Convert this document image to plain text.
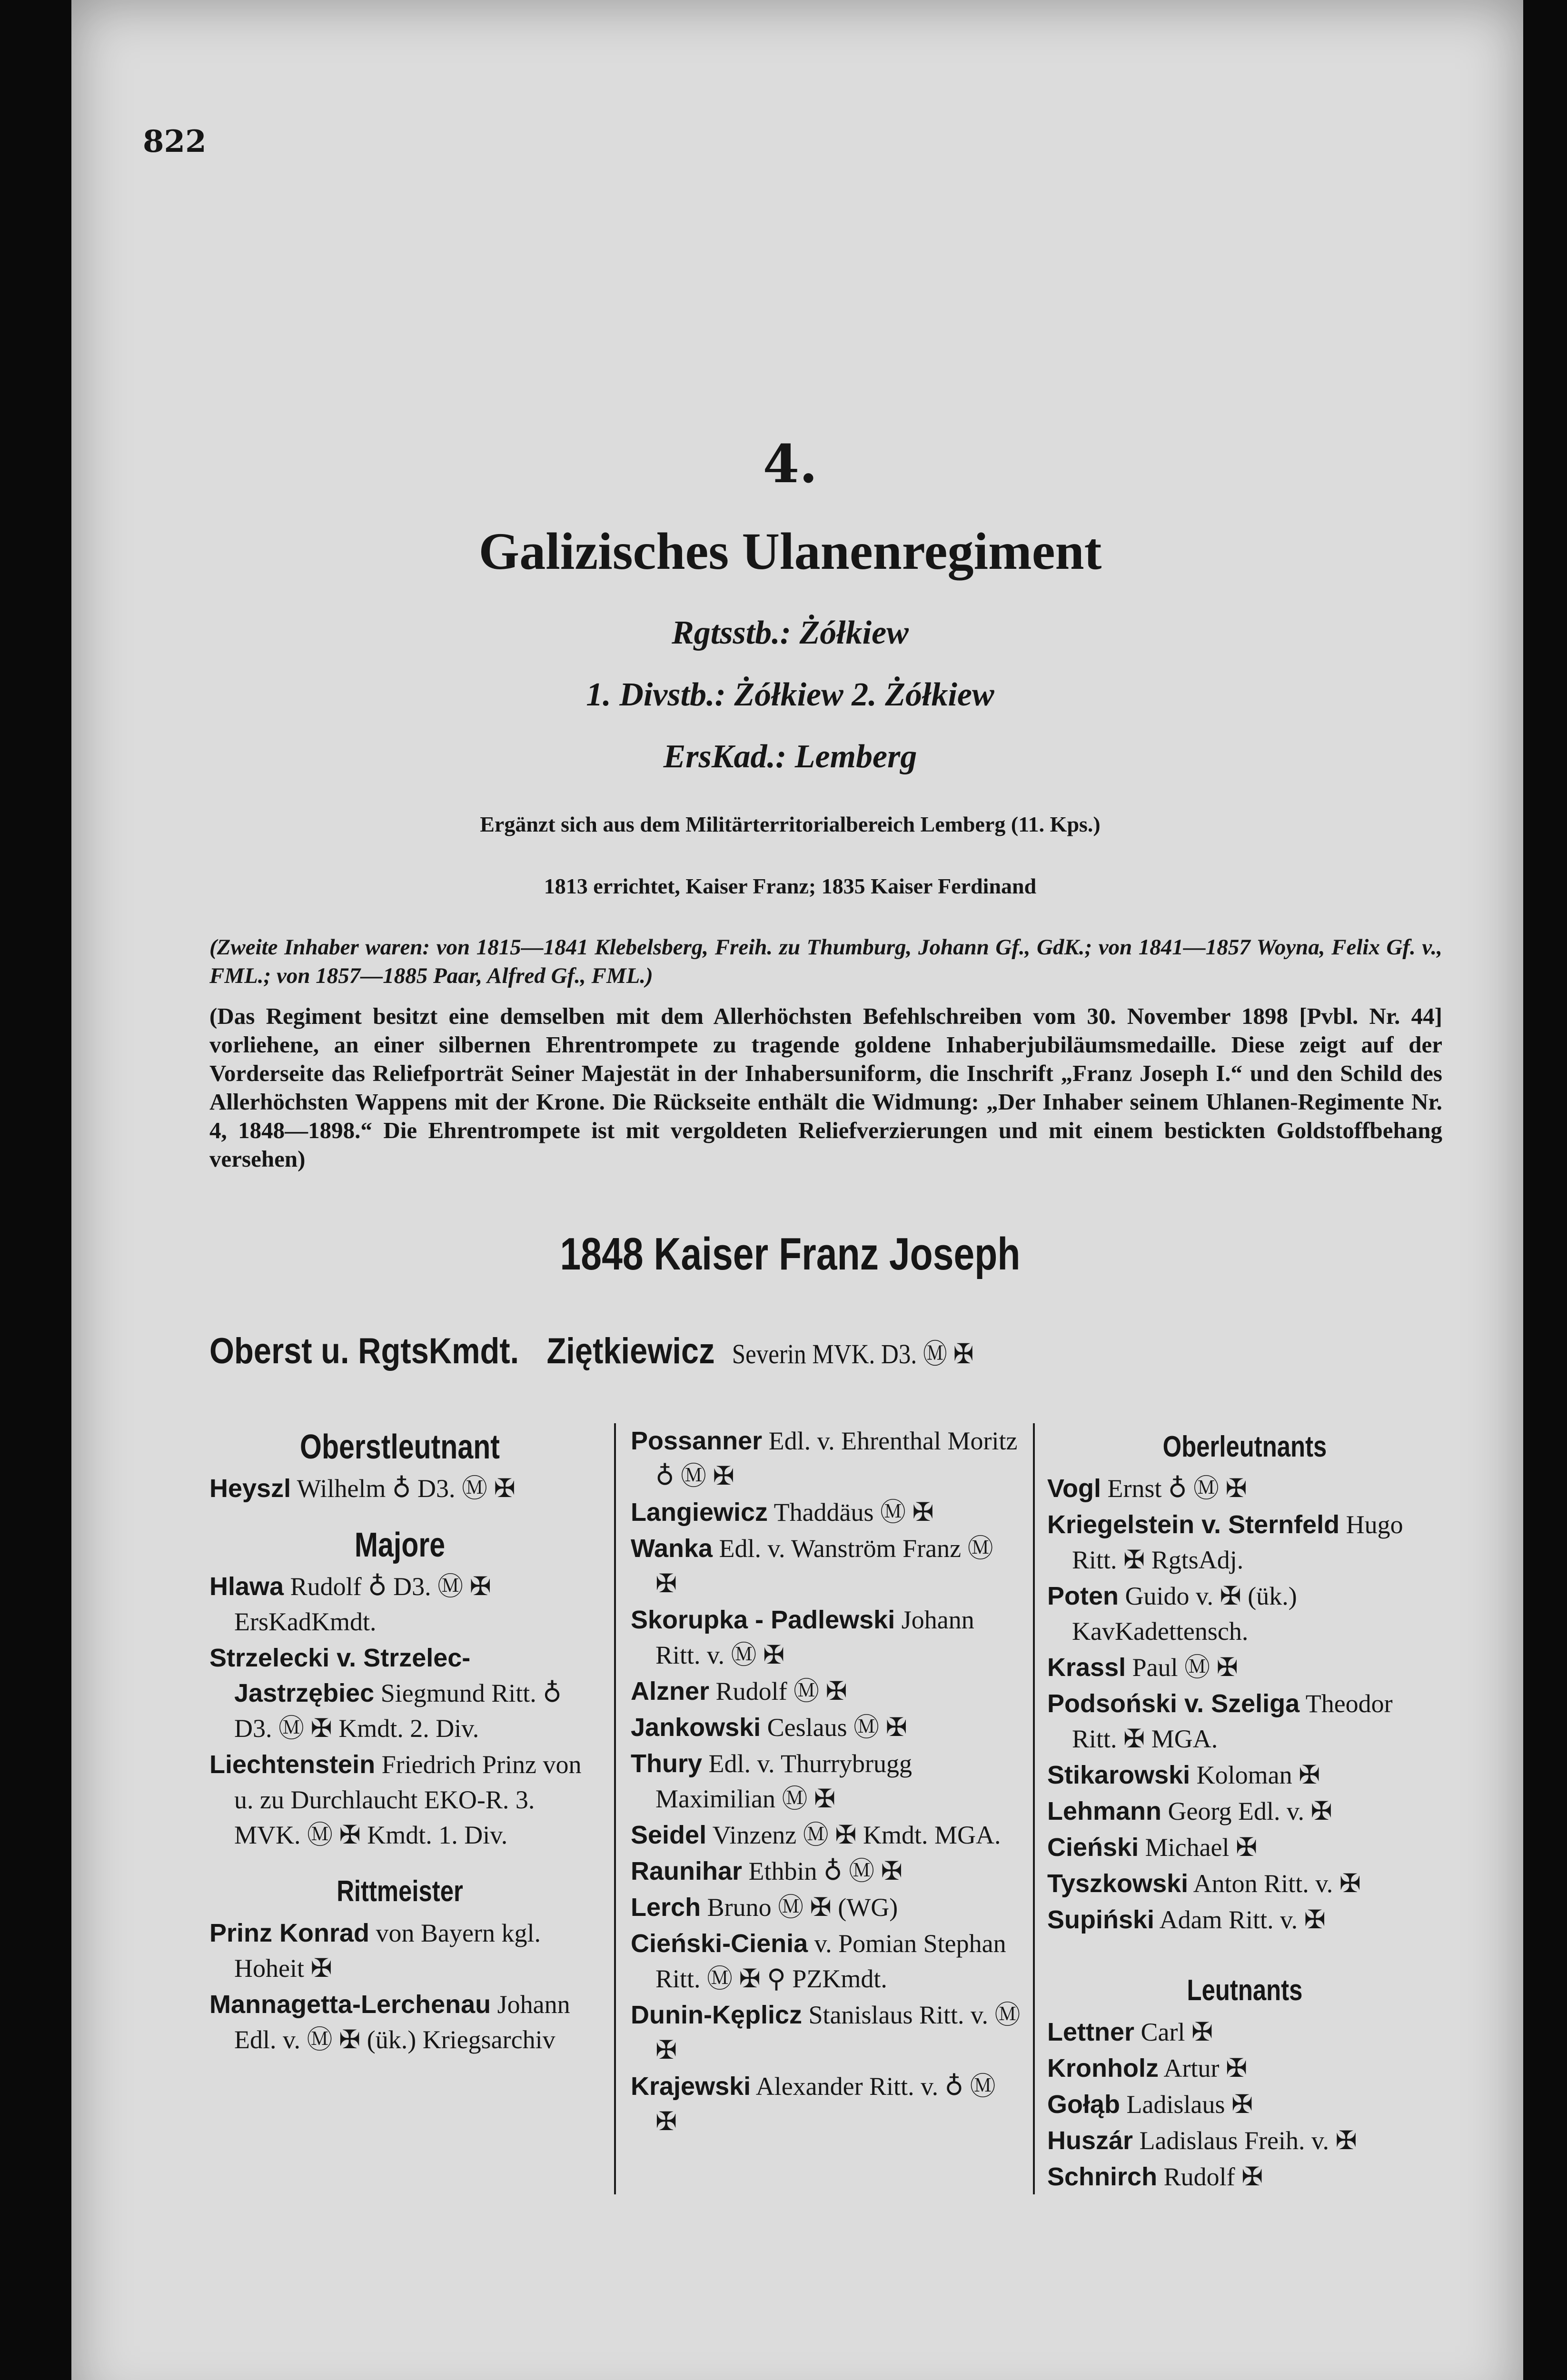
822
4.
Galizisches Ulanenregiment
Rgtsstb.: Żółkiew
1. Divstb.: Żółkiew 2. Żółkiew
ErsKad.: Lemberg
Ergänzt sich aus dem Militärterritorialbereich Lemberg (11. Kps.)
1813 errichtet, Kaiser Franz; 1835 Kaiser Ferdinand
(Zweite Inhaber waren: von 1815—1841 Klebelsberg, Freih. zu Thumburg, Johann Gf., GdK.; von 1841—1857 Woyna, Felix Gf. v., FML.; von 1857—1885 Paar, Alfred Gf., FML.)
(Das Regiment besitzt eine demselben mit dem Allerhöchsten Befehlschreiben vom 30. November 1898 [Pvbl. Nr. 44] vorliehene, an einer silbernen Ehrentrompete zu tragende goldene Inhaberjubiläumsmedaille. Diese zeigt auf der Vorderseite das Reliefporträt Seiner Majestät in der Inhabersuniform, die Inschrift „Franz Joseph I.“ und den Schild des Allerhöchsten Wappens mit der Krone. Die Rückseite enthält die Widmung: „Der Inhaber seinem Uhlanen-Regimente Nr. 4, 1848—1898.“ Die Ehrentrompete ist mit vergoldeten Reliefverzierungen und mit einem bestickten Goldstoffbehang versehen)
1848 Kaiser Franz Joseph
Oberst u. RgtsKmdt. Ziętkiewicz Severin MVK. D3. Ⓜ ✠
Oberstleutnant
Heyszl Wilhelm ♁ D3. Ⓜ ✠
Majore
Hlawa Rudolf ♁ D3. Ⓜ ✠ ErsKadKmdt.
Strzelecki v. Strzelec-Jastrzębiec Siegmund Ritt. ♁ D3. Ⓜ ✠ Kmdt. 2. Div.
Liechtenstein Friedrich Prinz von u. zu Durchlaucht EKO-R. 3. MVK. Ⓜ ✠ Kmdt. 1. Div.
Rittmeister
Prinz Konrad von Bayern kgl. Hoheit ✠
Mannagetta-Lerchenau Johann Edl. v. Ⓜ ✠ (ük.) Kriegsarchiv
Possanner Edl. v. Ehrenthal Moritz ♁ Ⓜ ✠
Langiewicz Thaddäus Ⓜ ✠
Wanka Edl. v. Wanström Franz Ⓜ ✠
Skorupka - Padlewski Johann Ritt. v. Ⓜ ✠
Alzner Rudolf Ⓜ ✠
Jankowski Ceslaus Ⓜ ✠
Thury Edl. v. Thurrybrugg Maximilian Ⓜ ✠
Seidel Vinzenz Ⓜ ✠ Kmdt. MGA.
Raunihar Ethbin ♁ Ⓜ ✠
Lerch Bruno Ⓜ ✠ (WG)
Cieński-Cienia v. Pomian Stephan Ritt. Ⓜ ✠ ⚲ PZKmdt.
Dunin-Kęplicz Stanislaus Ritt. v. Ⓜ ✠
Krajewski Alexander Ritt. v. ♁ Ⓜ ✠
Oberleutnants
Vogl Ernst ♁ Ⓜ ✠
Kriegelstein v. Sternfeld Hugo Ritt. ✠ RgtsAdj.
Poten Guido v. ✠ (ük.) KavKadettensch.
Krassl Paul Ⓜ ✠
Podsoński v. Szeliga Theodor Ritt. ✠ MGA.
Stikarowski Koloman ✠
Lehmann Georg Edl. v. ✠
Cieński Michael ✠
Tyszkowski Anton Ritt. v. ✠
Supiński Adam Ritt. v. ✠
Leutnants
Lettner Carl ✠
Kronholz Artur ✠
Gołąb Ladislaus ✠
Huszár Ladislaus Freih. v. ✠
Schnirch Rudolf ✠
